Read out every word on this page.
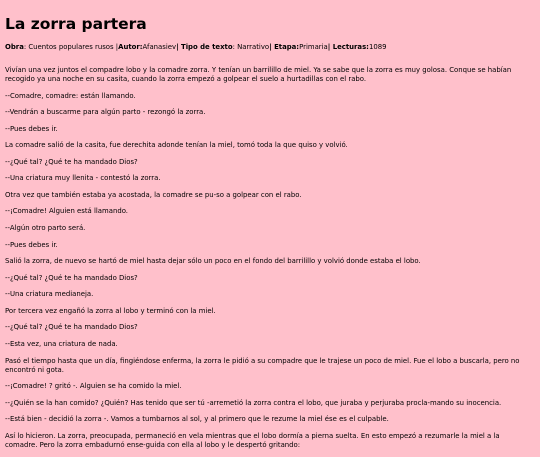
La zorra partera
Obra: Cuentos populares rusos |Autor:Afanasiev| Tipo de texto: Narrativo| Etapa:Primaria| Lecturas:1089

Vivían una vez juntos el compadre lobo y la comadre zorra. Y tenían un barrilillo de miel. Ya se sabe que la zorra es muy golosa. Conque se habían recogido ya una noche en su casita, cuando la zorra empezó a golpear el suelo a hurtadillas con el rabo.

--Comadre, comadre: están llamando.

--Vendrán a buscarme para algún parto - rezongó la zorra.

--Pues debes ir.

La comadre salió de la casita, fue derechita adonde tenían la miel, tomó toda la que quiso y volvió.

--¿Qué tal? ¿Qué te ha mandado Dios?

--Una criatura muy llenita - contestó la zorra.

Otra vez que también estaba ya acostada, la comadre se pu-so a golpear con el rabo.

--¡Comadre! Alguien está llamando.

--Algún otro parto será.

--Pues debes ir.

Salió la zorra, de nuevo se hartó de miel hasta dejar sólo un poco en el fondo del barrilillo y volvió donde estaba el lobo.

--¿Qué tal? ¿Qué te ha mandado Dios?

--Una criatura medianeja.

Por tercera vez engañó la zorra al lobo y terminó con la miel.

--¿Qué tal? ¿Qué te ha mandado Dios?

--Esta vez, una criatura de nada.

Pasó el tiempo hasta que un día, fingiéndose enferma, la zorra le pidió a su compadre que le trajese un poco de miel. Fue el lobo a buscarla, pero no encontró ni gota.

--¡Comadre! ? gritó -. Alguien se ha comido la miel.

--¿Quién se la han comido? ¿Quién? Has tenido que ser tú -arremetió la zorra contra el lobo, que juraba y perjuraba procla-mando su inocencia.

--Está bien - decidió la zorra -. Vamos a tumbarnos al sol, y al primero que le rezume la miel ése es el culpable.

Así lo hicieron. La zorra, preocupada, permaneció en vela mientras que el lobo dormía a pierna suelta. En esto empezó a rezumarle la miel a la comadre. Pero la zorra embadurnó ense-guida con ella al lobo y le despertó gritando:
